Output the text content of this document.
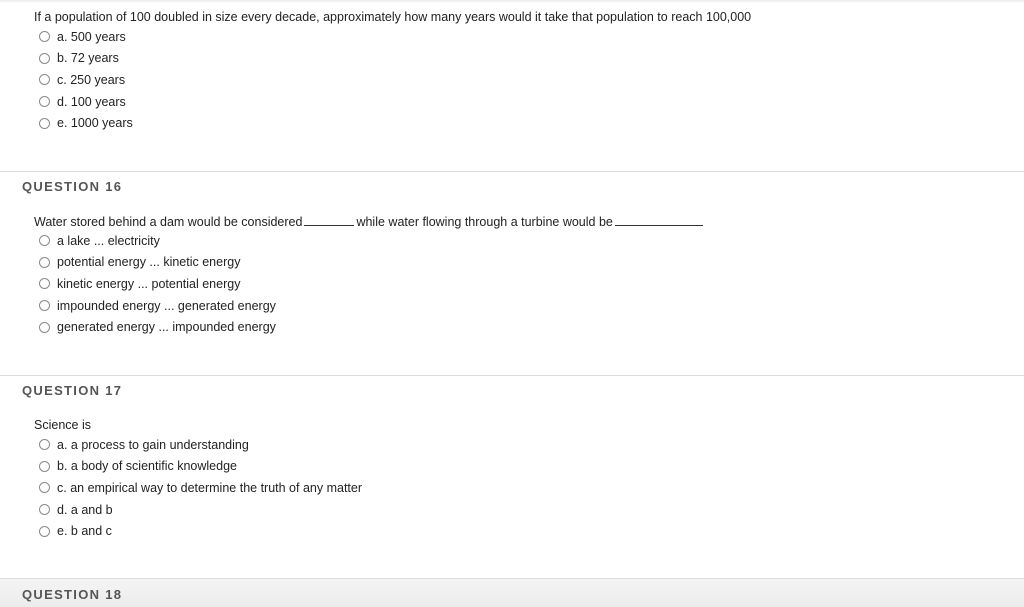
If a population of 100 doubled in size every decade, approximately how many years would it take that population to reach 100,000
a. 500 years
b. 72 years
c. 250 years
d. 100 years
e. 1000 years
QUESTION 16
Water stored behind a dam would be considered	while water flowing through a turbine would be
a lake ... electricity
potential energy ... kinetic energy
kinetic energy ... potential energy
impounded energy ... generated energy
generated energy ... impounded energy
QUESTION 17
Science is
a. a process to gain understanding
b. a body of scientific knowledge
c. an empirical way to determine the truth of any matter
d. a and b
e. b and c
QUESTION 18
